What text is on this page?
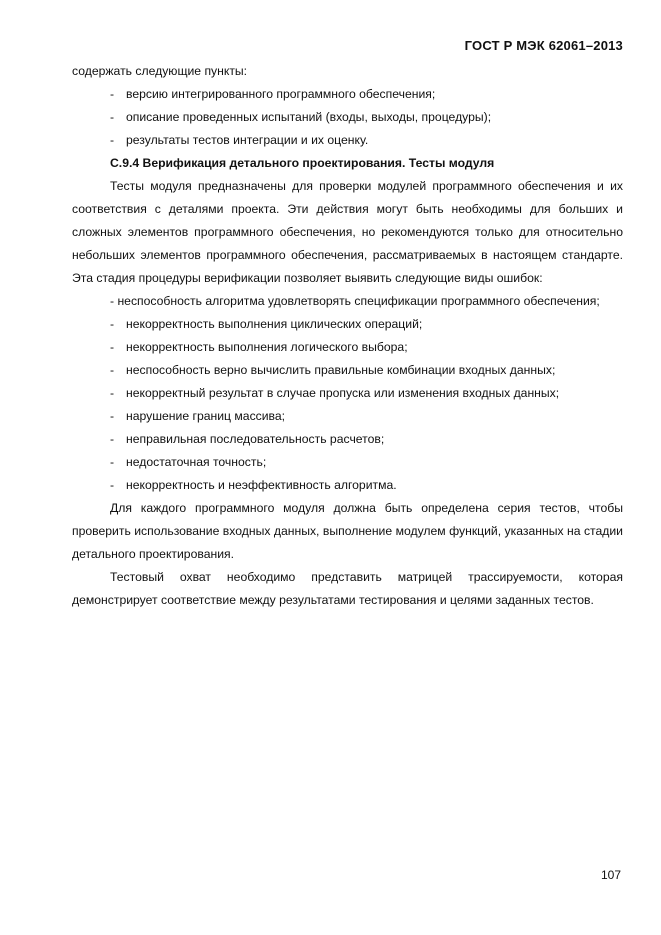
ГОСТ Р МЭК 62061–2013

содержать следующие пункты:

- версию интегрированного программного обеспечения;

- описание проведенных испытаний (входы, выходы, процедуры);

- результаты тестов интеграции и их оценку.

С.9.4 Верификация детального проектирования. Тесты модуля

Тесты модуля предназначены для проверки модулей программного обеспечения и их соответствия с деталями проекта. Эти действия могут быть необходимы для больших и сложных элементов программного обеспечения, но рекомендуются только для относительно небольших элементов программного обеспечения, рассматриваемых в настоящем стандарте. Эта стадия процедуры верификации позволяет выявить следующие виды ошибок:

- неспособность алгоритма удовлетворять спецификации программного обеспечения;

- некорректность выполнения циклических операций;

- некорректность выполнения логического выбора;

- неспособность верно вычислить правильные комбинации входных данных;

- некорректный результат в случае пропуска или изменения входных данных;

- нарушение границ массива;

- неправильная последовательность расчетов;

- недостаточная точность;

- некорректность и неэффективность алгоритма.

Для каждого программного модуля должна быть определена серия тестов, чтобы проверить использование входных данных, выполнение модулем функций, указанных на стадии детального проектирования.

Тестовый охват необходимо представить матрицей трассируемости, которая демонстрирует соответствие между результатами тестирования и целями заданных тестов.

107
